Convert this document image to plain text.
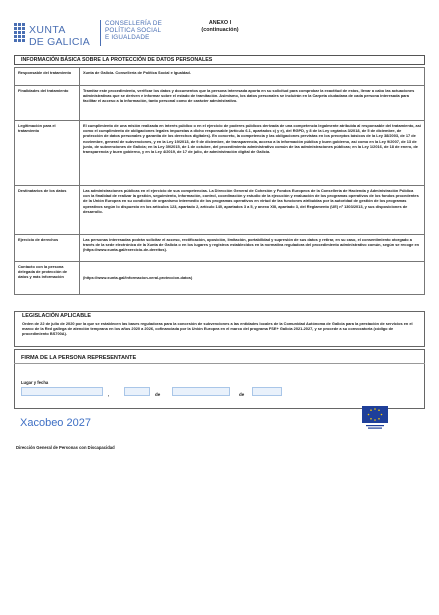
XUNTA
DE GALICIA
CONSELLERÍA DE
POLÍTICA SOCIAL
E IGUALDADE
ANEXO I
(continuación)
INFORMACIÓN BÁSICA SOBRE LA PROTECCIÓN DE DATOS PERSONALES
Responsable del tratamiento	Xunta de Galicia. Consellería de Política Social e Igualdad.
Finalidades del tratamiento	Tramitar este procedimiento, verificar los datos y documentos que la persona interesada aporta en su solicitud para comprobar la exactitud de estos, llevar a cabo las actuaciones administrativas que se deriven e informar sobre el estado de tramitación. Asimismo, los datos personales se incluirán en la Carpeta ciudadana de cada persona interesada para facilitar el acceso a la información, tanto personal como de carácter administrativo.
Legitimación para el tratamiento	El cumplimiento de una misión realizada en interés público o en el ejercicio de poderes públicos derivada de una competencia legalmente atribuida al responsable del tratamiento, así como el cumplimiento de obligaciones legales impuestas a dicho responsable (artículo 6.1, apartados c) y e), del RGPD, y 8 de la Ley orgánica 3/2018, de 5 de diciembre, de protección de datos personales y garantía de los derechos digitales). En concreto, la competencia y las obligaciones previstas en los preceptos básicos de la Ley 38/2003, de 17 de noviembre, general de subvenciones, y en la Ley 19/2013, de 9 de diciembre, de transparencia, acceso a la información pública y buen gobierno, así como en la Ley 9/2007, de 13 de junio, de subvenciones de Galicia; en la Ley 39/2015, de 1 de octubre, del procedimiento administrativo común de las administraciones públicas; en la Ley 1/2016, de 18 de enero, de transparencia y buen gobierno, y en la Ley 4/2019, de 17 de julio, de administración digital de Galicia.
Destinatarios de los datos	Las administraciones públicas en el ejercicio de sus competencias. La Dirección General de Cohesión y Fondos Europeos de la Consellería de Hacienda y Administración Pública con la finalidad de realizar la gestión, seguimiento, información, control, coordinación y estudio de la ejecución y evaluación de los programas operativos de los fondos procedentes de la Unión Europea en su condición de organismo intermedio de los programas operativos en virtud de las funciones atribuidas por la autoridad de gestión de los programas operativos según lo dispuesto en los artículos 123, apartado 2, artículo 140, apartados 3 a 5, y anexo XIII, apartado 3, del Reglamento (UE) nº 1303/2013, y sus disposiciones de desarrollo.
Ejercicio de derechos	Las personas interesadas podrán solicitar el acceso, rectificación, oposición, limitación, portabilidad y supresión de sus datos y retirar, en su caso, el consentimiento otorgado a través de la sede electrónica de la Xunta de Galicia o en los lugares y registros establecidos en la normativa reguladora del procedimiento administrativo común, según se recoge en (https://www.xunta.gal/exercicio-de-dereitos).
Contacto con la persona delegada de protección de datos y más información	(https://www.xunta.gal/informacion-xeral-proteccion-datos)
LEGISLACIÓN APLICABLE
Orden de 22 de julio de 2020 por la que se establecen las bases reguladoras para la concesión de subvenciones a las entidades locales de la Comunidad Autónoma de Galicia para la prestación de servicios en el marco de la Red gallega de atención temprana en los años 2020 a 2026, cofinanciada por la Unión Europea en el marco del programa FSE+ Galicia 2021-2027, y se procede a su convocatoria (código de procedimiento BS700A).
FIRMA DE LA PERSONA REPRESENTANTE
Lugar y fecha
,	de	de
Xacobeo 2027
Dirección General de Personas con Discapacidad
